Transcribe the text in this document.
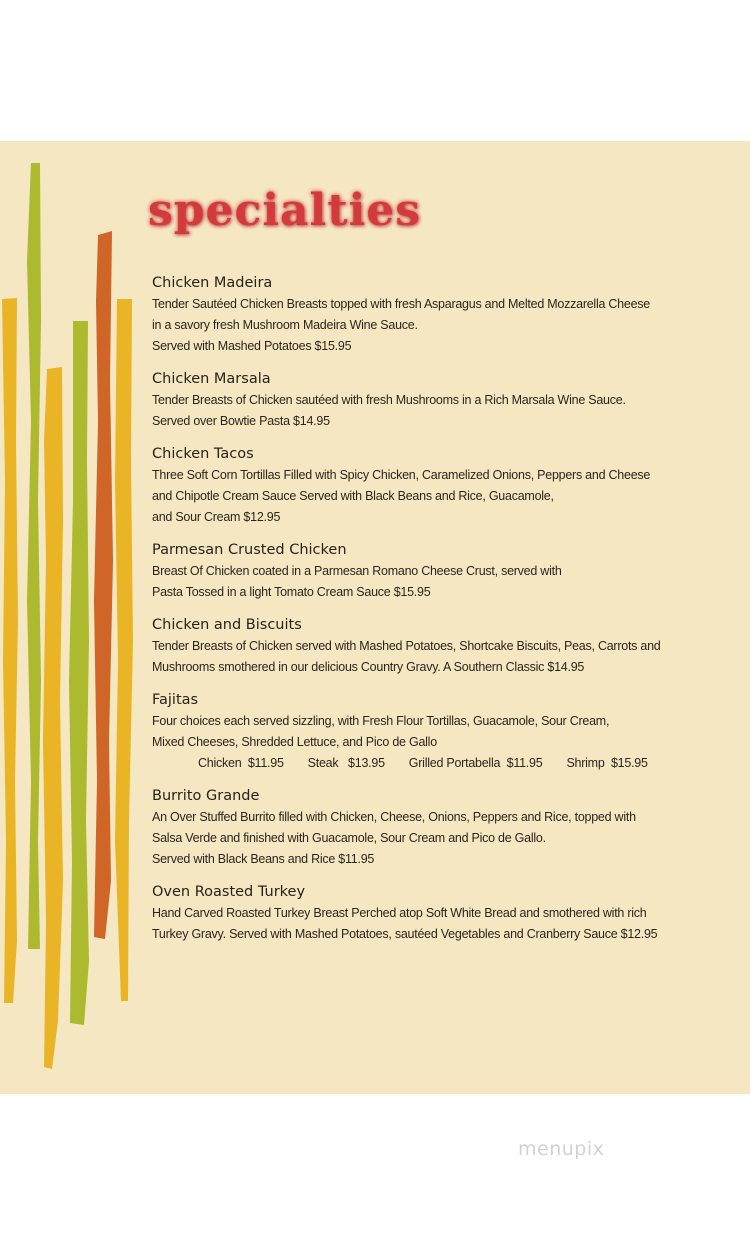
specialties
Chicken Madeira
Tender Sautéed Chicken Breasts topped with fresh Asparagus and Melted Mozzarella Cheese
in a savory fresh Mushroom Madeira Wine Sauce.
Served with Mashed Potatoes $15.95
Chicken Marsala
Tender Breasts of Chicken sautéed with fresh Mushrooms in a Rich Marsala Wine Sauce.
Served over Bowtie Pasta $14.95
Chicken Tacos
Three Soft Corn Tortillas Filled with Spicy Chicken, Caramelized Onions, Peppers and Cheese
and Chipotle Cream Sauce Served with Black Beans and Rice, Guacamole,
and Sour Cream $12.95
Parmesan Crusted Chicken
Breast Of Chicken coated in a Parmesan Romano Cheese Crust, served with
Pasta Tossed in a light Tomato Cream Sauce $15.95
Chicken and Biscuits
Tender Breasts of Chicken served with Mashed Potatoes, Shortcake Biscuits, Peas, Carrots and
Mushrooms smothered in our delicious Country Gravy. A Southern Classic $14.95
Fajitas
Four choices each served sizzling, with Fresh Flour Tortillas, Guacamole, Sour Cream,
Mixed Cheeses, Shredded Lettuce, and Pico de Gallo
Chicken  $11.95 Steak   $13.95 Grilled Portabella  $11.95 Shrimp  $15.95
Burrito Grande
An Over Stuffed Burrito filled with Chicken, Cheese, Onions, Peppers and Rice, topped with
Salsa Verde and finished with Guacamole, Sour Cream and Pico de Gallo.
Served with Black Beans and Rice $11.95
Oven Roasted Turkey
Hand Carved Roasted Turkey Breast Perched atop Soft White Bread and smothered with rich
Turkey Gravy. Served with Mashed Potatoes, sautéed Vegetables and Cranberry Sauce $12.95
menupix
